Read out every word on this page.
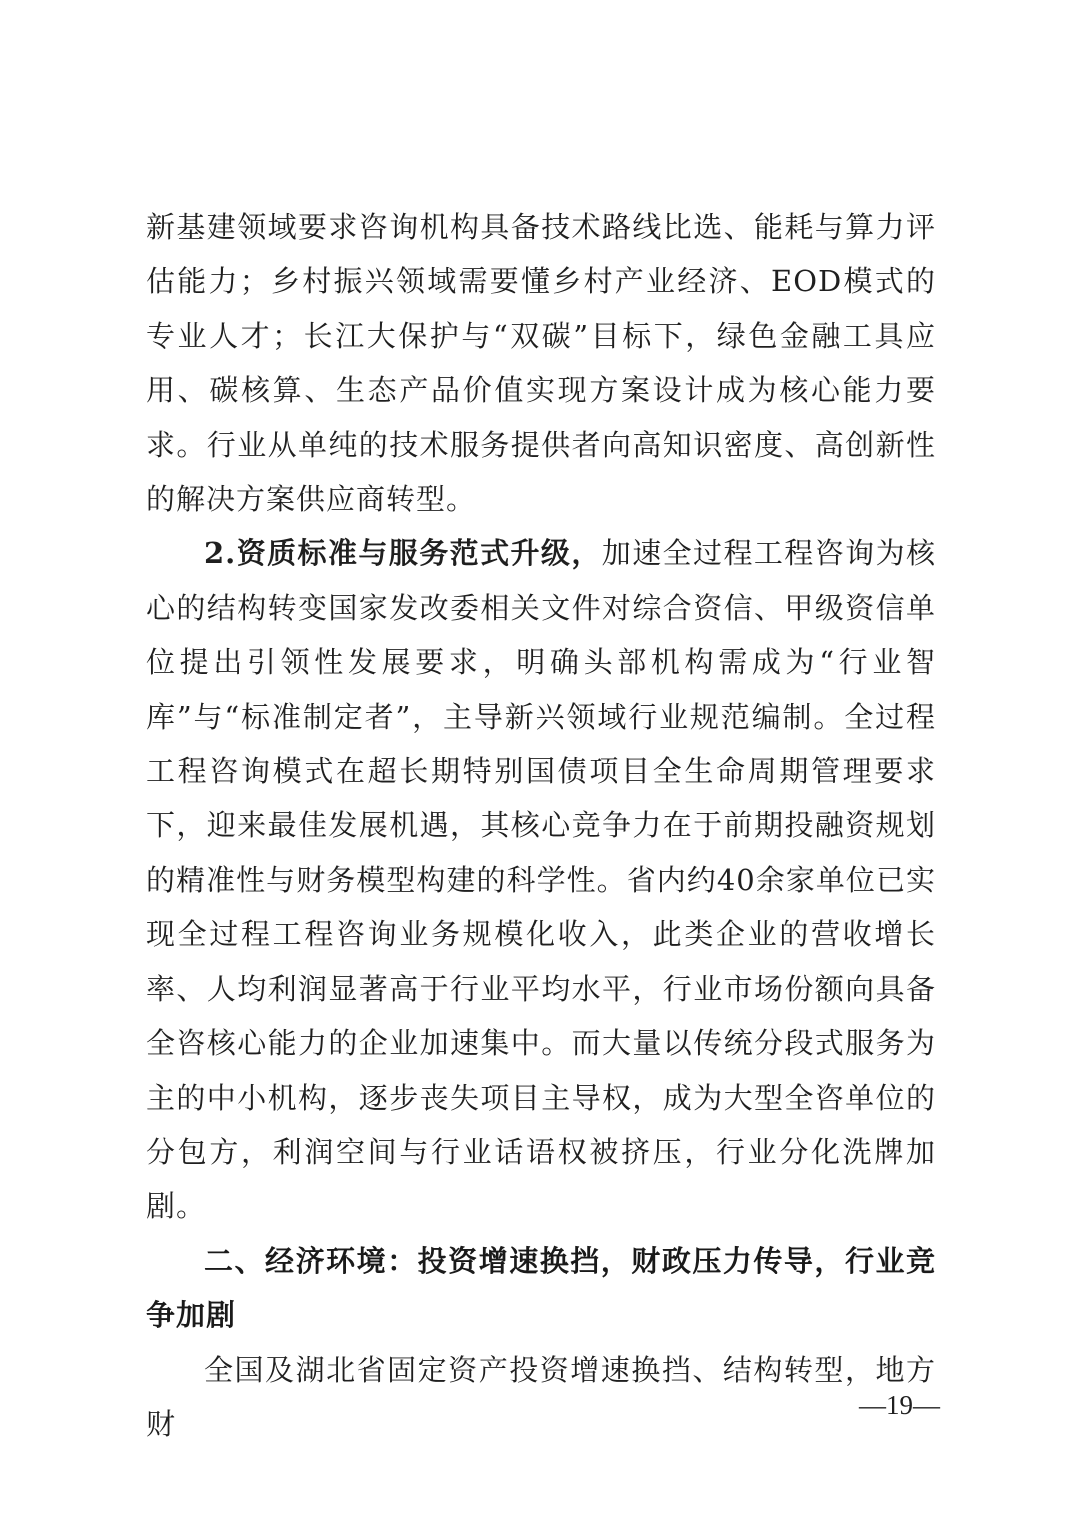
新基建领域要求咨询机构具备技术路线比选、能耗与算力评估能力；乡村振兴领域需要懂乡村产业经济、EOD模式的专业人才；长江大保护与“双碳”目标下，绿色金融工具应用、碳核算、生态产品价值实现方案设计成为核心能力要求。行业从单纯的技术服务提供者向高知识密度、高创新性的解决方案供应商转型。

2.资质标准与服务范式升级，加速全过程工程咨询为核心的结构转变国家发改委相关文件对综合资信、甲级资信单位提出引领性发展要求，明确头部机构需成为“行业智库”与“标准制定者”，主导新兴领域行业规范编制。全过程工程咨询模式在超长期特别国债项目全生命周期管理要求下，迎来最佳发展机遇，其核心竞争力在于前期投融资规划的精准性与财务模型构建的科学性。省内约40余家单位已实现全过程工程咨询业务规模化收入，此类企业的营收增长率、人均利润显著高于行业平均水平，行业市场份额向具备全咨核心能力的企业加速集中。而大量以传统分段式服务为主的中小机构，逐步丧失项目主导权，成为大型全咨单位的分包方，利润空间与行业话语权被挤压，行业分化洗牌加剧。

二、经济环境：投资增速换挡，财政压力传导，行业竞争加剧

全国及湖北省固定资产投资增速换挡、结构转型，地方财

—19—
